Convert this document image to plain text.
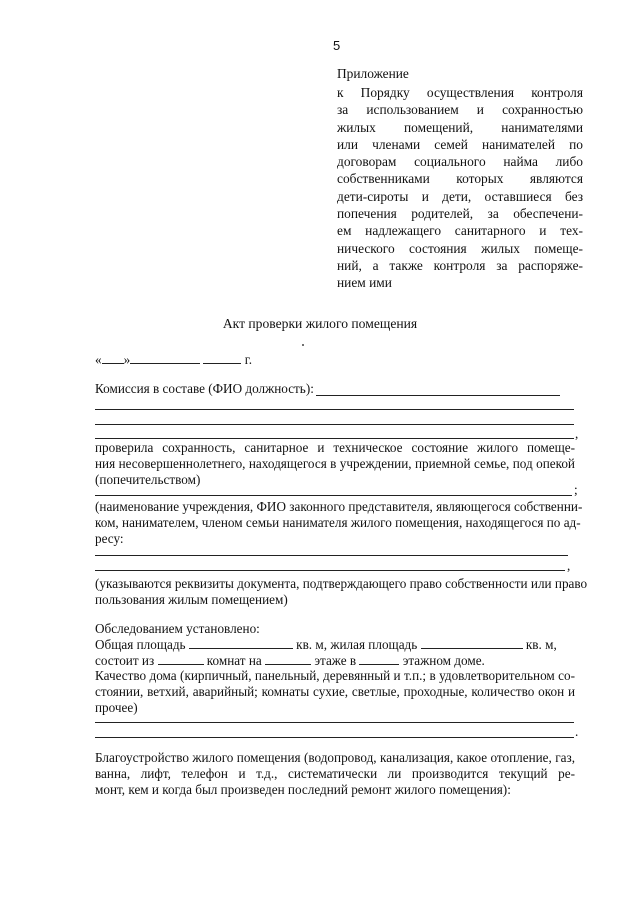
5
Приложение
к Порядку осуществления контроля
за использованием и сохранностью
жилых помещений, нанимателями
или членами семей нанимателей по
договорам социального найма либо
собственниками которых являются
дети-сироты и дети, оставшиеся без
попечения родителей, за обеспечени-
ем надлежащего санитарного и тех-
нического состояния жилых помеще-
ний, а также контроля за распоряже-
нием ими
Акт проверки жилого помещения
« »	г.
Комиссия в составе (ФИО должность):
,
проверила сохранность, санитарное и техническое состояние жилого помеще-
ния несовершеннолетнего, находящегося в учреждении, приемной семье, под опекой
(попечительством)
;
(наименование учреждения, ФИО законного представителя, являющегося собственни-
ком, нанимателем, членом семьи нанимателя жилого помещения, находящегося по ад-
ресу:
,
(указываются реквизиты документа, подтверждающего право собственности или право
пользования жилым помещением)
Обследованием установлено:
Общая площадь	кв. м, жилая площадь	кв. м,
состоит из	комнат на	этаже в	этажном доме.
Качество дома (кирпичный, панельный, деревянный и т.п.; в удовлетворительном со-
стоянии, ветхий, аварийный; комнаты сухие, светлые, проходные, количество окон и
прочее)
.
Благоустройство жилого помещения (водопровод, канализация, какое отопление, газ,
ванна, лифт, телефон и т.д., систематически ли производится текущий ре-
монт, кем и когда был произведен последний ремонт жилого помещения):
